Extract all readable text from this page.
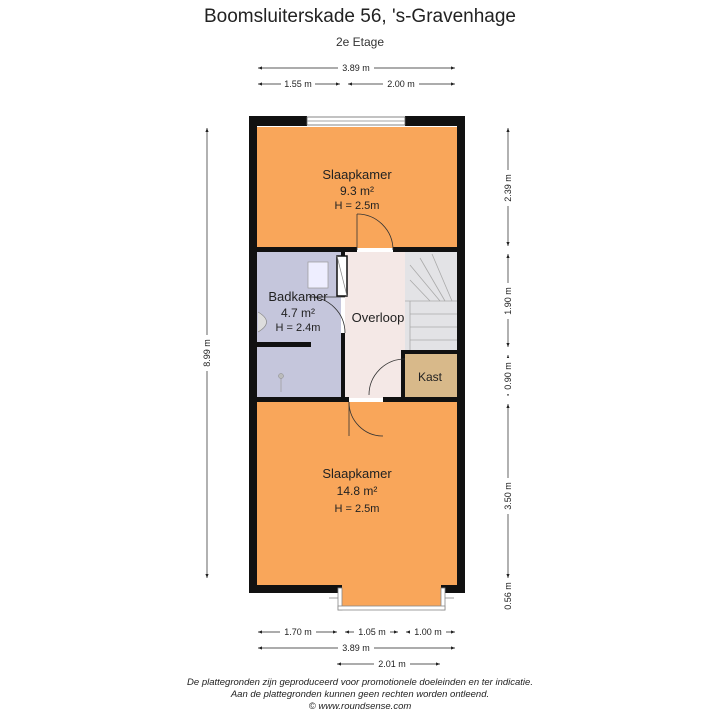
Boomsluiterskade 56, 's-Gravenhage
2e Etage
Slaapkamer
9.3 m²
H = 2.5m
Badkamer
4.7 m²
H = 2.4m
Overloop
Kast
Slaapkamer
14.8 m²
H = 2.5m
3.89 m
1.55 m	2.00 m
8.99 m
2.39 m
1.90 m
0.90 m
3.50 m
0.56 m
1.70 m	1.05 m	1.00 m
3.89 m
2.01 m
De plattegronden zijn geproduceerd voor promotionele doeleinden en ter indicatie.
Aan de plattegronden kunnen geen rechten worden ontleend.
© www.roundsense.com
